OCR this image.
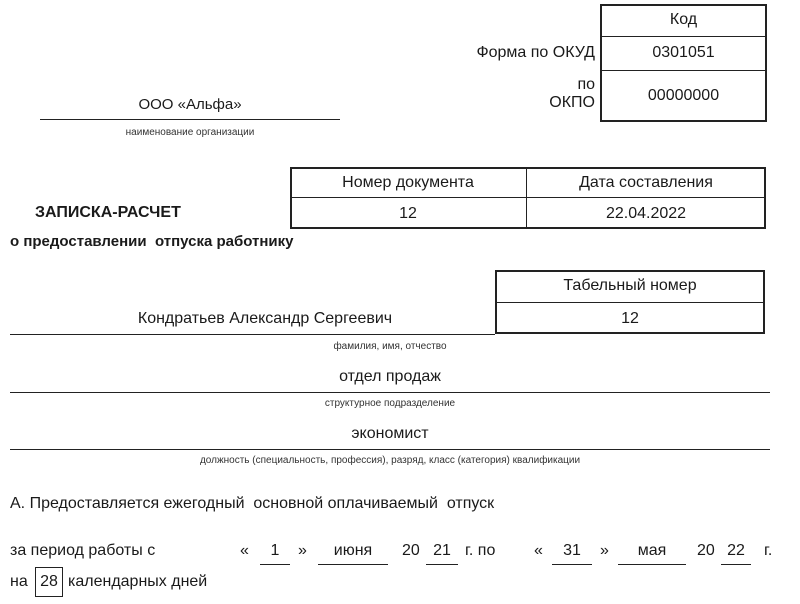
Код
Форма по ОКУД	0301051
по
ОКПО	00000000
ООО «Альфа»
наименование организации
Номер документа	Дата составления
12	22.04.2022
ЗАПИСКА-РАСЧЕТ
о предоставлении  отпуска работнику
Табельный номер
12
Кондратьев Александр Сергеевич
фамилия, имя, отчество
отдел продаж
структурное подразделение
экономист
должность (специальность, профессия), разряд, класс (категория) квалификации
А. Предоставляется ежегодный  основной оплачиваемый  отпуск
за период работы с	«	1	»	июня	20 21 г. по «	31	»	мая	20 22	г.
на 28 календарных дней
